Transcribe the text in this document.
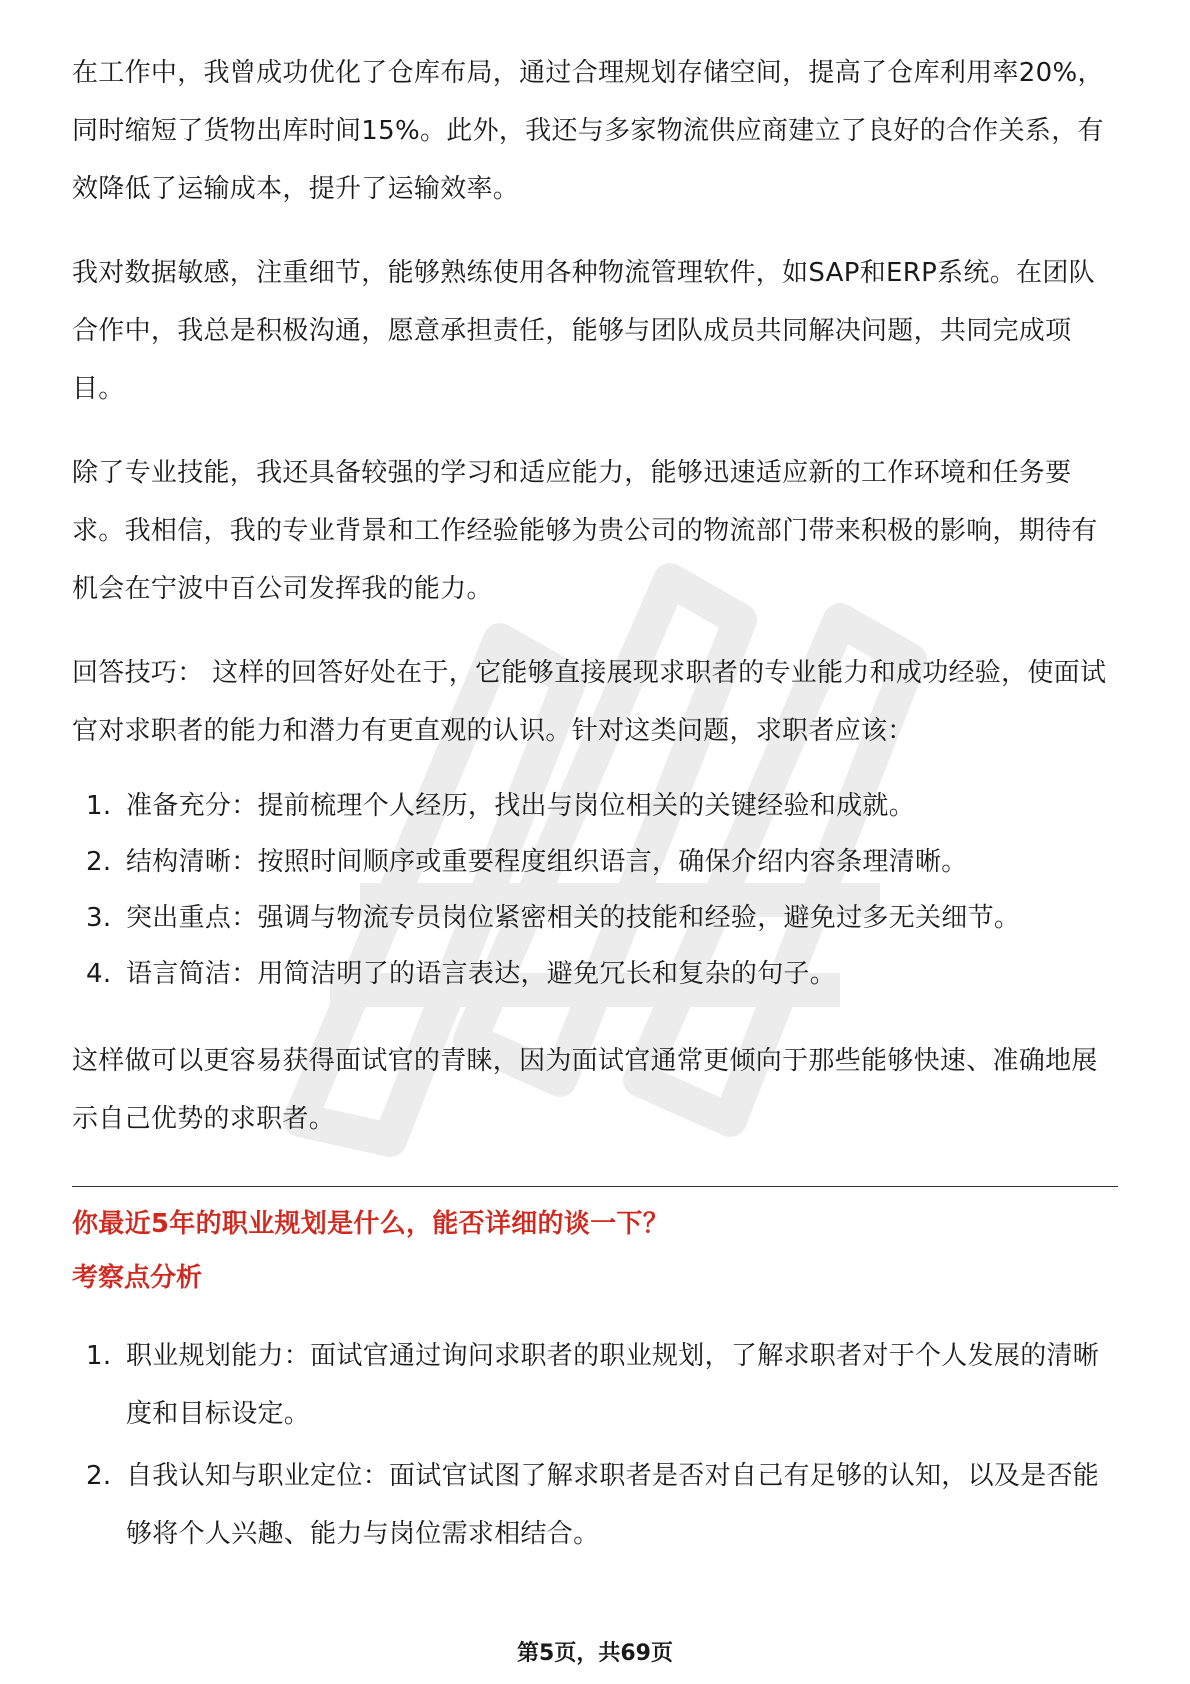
在工作中，我曾成功优化了仓库布局，通过合理规划存储空间，提高了仓库利用率20%，同时缩短了货物出库时间15%。此外，我还与多家物流供应商建立了良好的合作关系，有效降低了运输成本，提升了运输效率。

我对数据敏感，注重细节，能够熟练使用各种物流管理软件，如SAP和ERP系统。在团队合作中，我总是积极沟通，愿意承担责任，能够与团队成员共同解决问题，共同完成项目。

除了专业技能，我还具备较强的学习和适应能力，能够迅速适应新的工作环境和任务要求。我相信，我的专业背景和工作经验能够为贵公司的物流部门带来积极的影响，期待有机会在宁波中百公司发挥我的能力。

回答技巧： 这样的回答好处在于，它能够直接展现求职者的专业能力和成功经验，使面试官对求职者的能力和潜力有更直观的认识。针对这类问题，求职者应该：

1. 准备充分：提前梳理个人经历，找出与岗位相关的关键经验和成就。
2. 结构清晰：按照时间顺序或重要程度组织语言，确保介绍内容条理清晰。
3. 突出重点：强调与物流专员岗位紧密相关的技能和经验，避免过多无关细节。
4. 语言简洁：用简洁明了的语言表达，避免冗长和复杂的句子。

这样做可以更容易获得面试官的青睐，因为面试官通常更倾向于那些能够快速、准确地展示自己优势的求职者。

你最近5年的职业规划是什么，能否详细的谈一下？
考察点分析
1. 职业规划能力：面试官通过询问求职者的职业规划，了解求职者对于个人发展的清晰度和目标设定。
2. 自我认知与职业定位：面试官试图了解求职者是否对自己有足够的认知，以及是否能够将个人兴趣、能力与岗位需求相结合。
第5页，共69页
